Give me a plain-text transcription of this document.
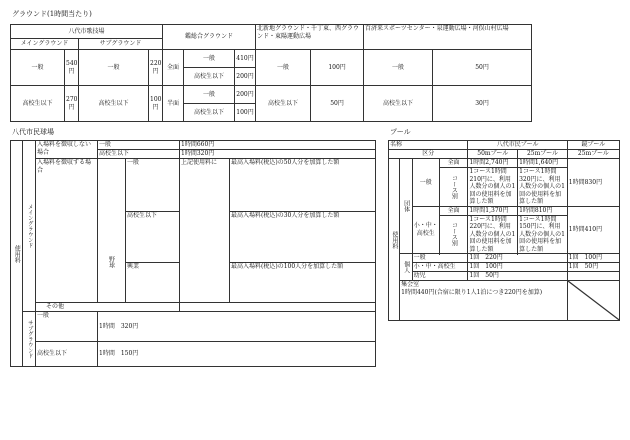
グラウンド(1時間当たり)
八代市歌技場				鑑総合グラウンド			北新地グラウンド・千丁東、西グラウンド・東陽運動広場		百済来スポーツセンター・泉運動広場・河俣山村広場	
メイングラウンド		サブグラウンド								
一般	540円	一般	220円	全面	一般	410円	一般	100円	一般	50円
					高校生以下	200円				
高校生以下	270円	高校生以下	100円	半面	一般	200円	高校生以下	50円	高校生以下	30円
					高校生以下	100円				
八代市民球場
使用料	メイングラウンド	入場料を徴収しない場合	一般		1時間660円	
			高校生以下		1時間320円	
		入場料を徴収する場合		一般	上記使用料に	最高入場料(税込)の50人分を加算した額
				高校生以下		最高入場料(税込)の30人分を加算した額
			野球	興業		最高入場料(税込)の100人分を加算した額

		その他				
	サブグラウンド	一般	1時間　320円			

		高校生以下	1時間　150円			
プール
名称				八代市民プール		鏡プール
区分				50mプール	25mプール	25mプール
使用料	団体	一般	全面	1時間2,740円	1時間1,640円	1時間830円
			コース別	1コース1時間210円に、利用人数分の個人の1回の使用料を加算した額	1コース1時間320円に、利用人数分の個人の1回の使用料を加算した額	

		小・中・高校生	全面	1時間1,370円	1時間810円	1時間410円
			コース別	1コース1時間220円に、利用人数分の個人の1回の使用料を加算した額	1コース1時間150円に、利用人数分の個人の1回の使用料を加算した額	

	個人	一般		1回　220円		1回　100円
		小・中・高校生		1回　100円		1回　50円
		幼児		1回　50円		
	集会室
1時間440円(合宿に限り1人1泊につき220円を加算)	
